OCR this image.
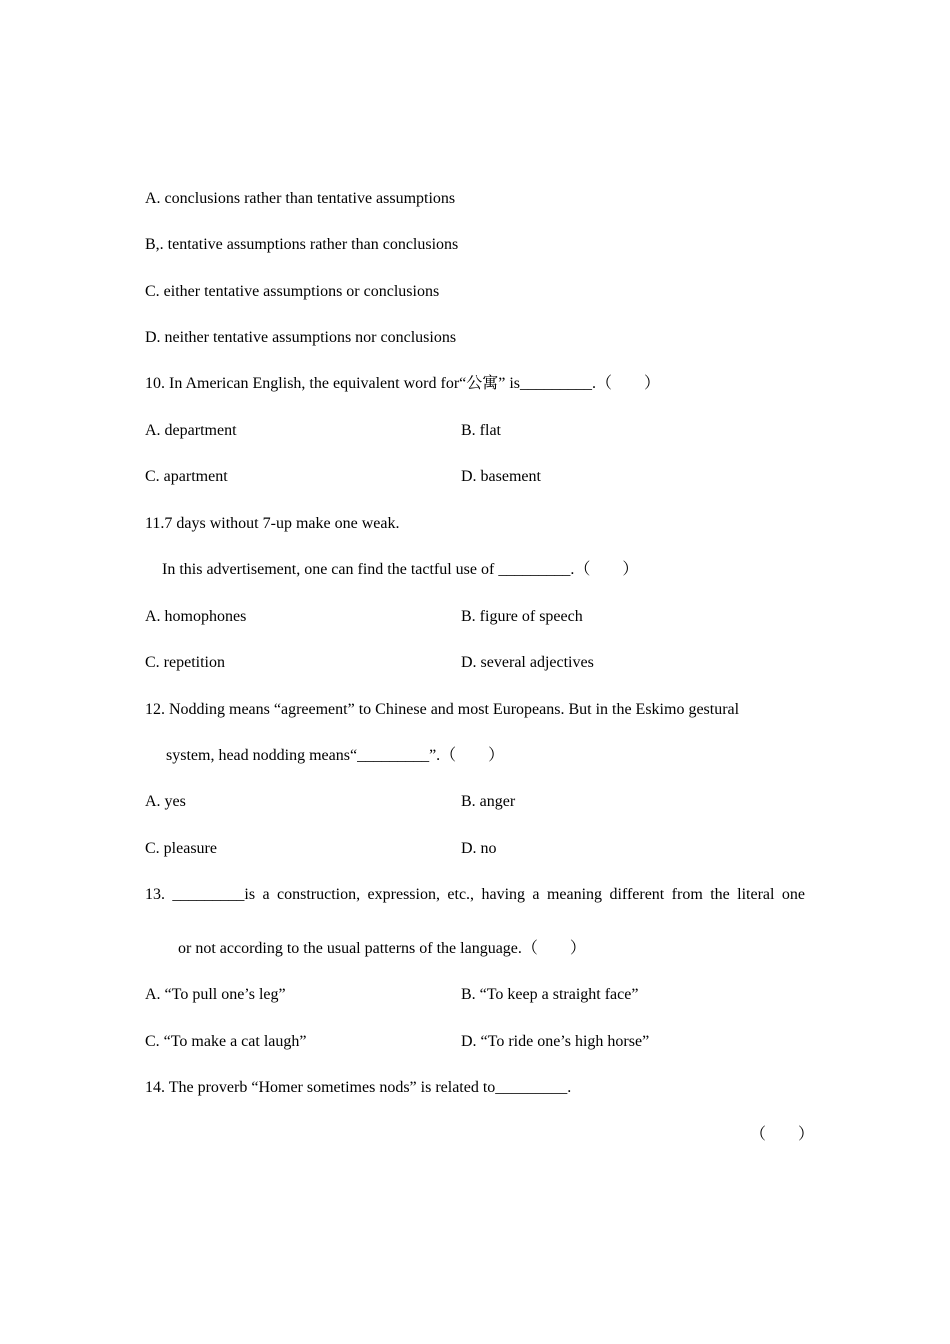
A. conclusions rather than tentative assumptions
B,. tentative assumptions rather than conclusions
C. either tentative assumptions or conclusions
D. neither tentative assumptions nor conclusions
10. In American English, the equivalent word for“公寓” is_________.（　　）
A. department	B. flat
C. apartment	D. basement
11.7 days without 7-up make one weak.
In this advertisement, one can find the tactful use of _________.（　　）
A. homophones	B. figure of speech
C. repetition	D. several adjectives
12. Nodding means “agreement” to Chinese and most Europeans. But in the Eskimo gestural
system, head nodding means“_________”.（　　）
A. yes	B. anger
C. pleasure	D. no
13. _________is a construction, expression, etc., having a meaning different from the literal one
or not according to the usual patterns of the language.（　　）
A. “To pull one’s leg”	B. “To keep a straight face”
C. “To make a cat laugh”	D. “To ride one’s high horse”
14. The proverb “Homer sometimes nods” is related to_________.
（　　）
